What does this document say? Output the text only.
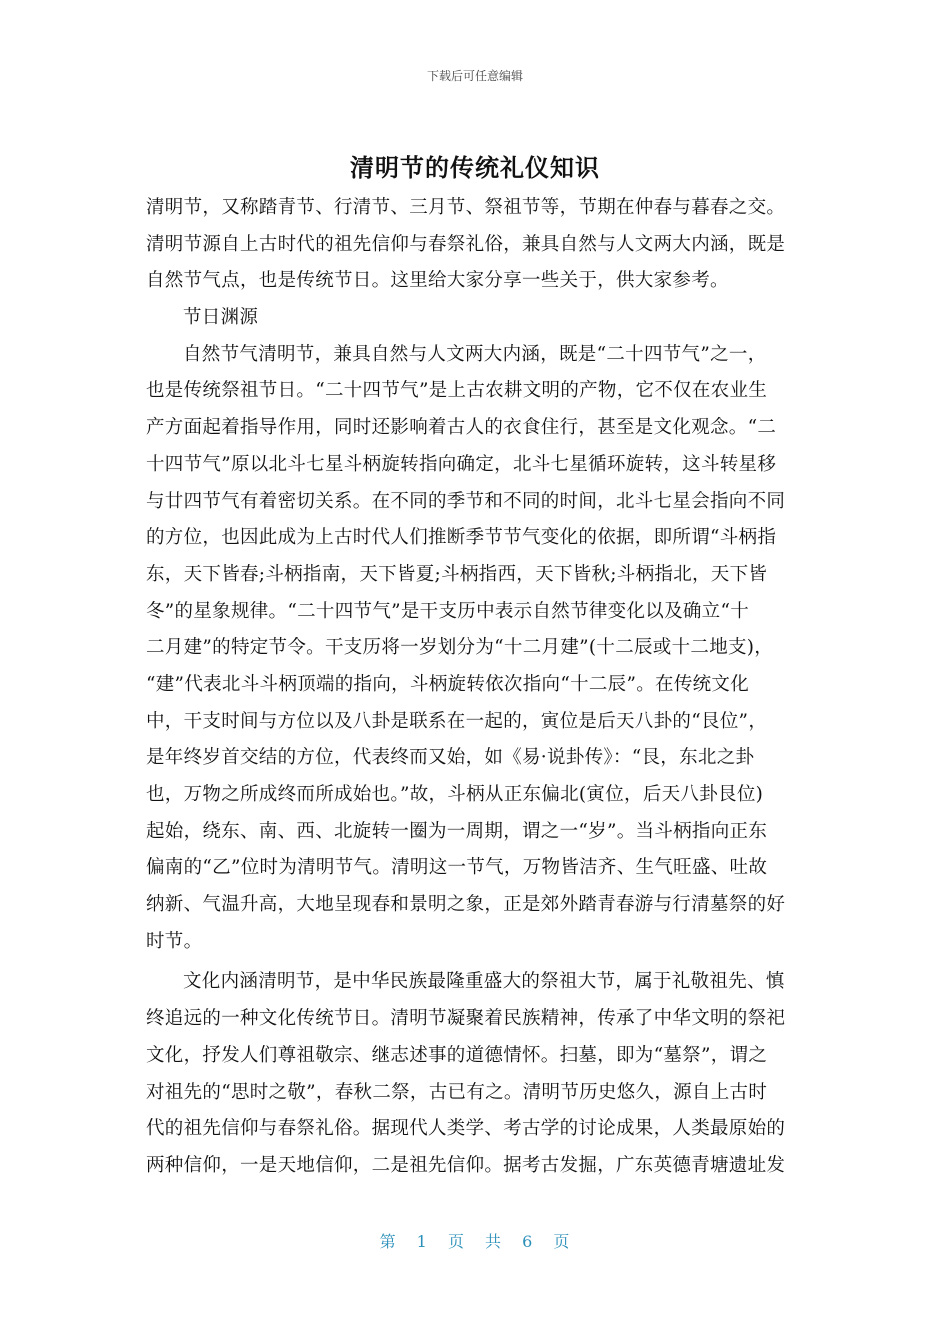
下载后可任意编辑
清明节的传统礼仪知识
清明节，又称踏青节、行清节、三月节、祭祖节等，节期在仲春与暮春之交。
清明节源自上古时代的祖先信仰与春祭礼俗，兼具自然与人文两大内涵，既是
自然节气点，也是传统节日。这里给大家分享一些关于，供大家参考。
节日渊源
自然节气清明节，兼具自然与人文两大内涵，既是“二十四节气”之一，
也是传统祭祖节日。“二十四节气”是上古农耕文明的产物，它不仅在农业生
产方面起着指导作用，同时还影响着古人的衣食住行，甚至是文化观念。“二
十四节气”原以北斗七星斗柄旋转指向确定，北斗七星循环旋转，这斗转星移
与廿四节气有着密切关系。在不同的季节和不同的时间，北斗七星会指向不同
的方位，也因此成为上古时代人们推断季节节气变化的依据，即所谓“斗柄指
东，天下皆春;斗柄指南，天下皆夏;斗柄指西，天下皆秋;斗柄指北，天下皆
冬”的星象规律。“二十四节气”是干支历中表示自然节律变化以及确立“十
二月建”的特定节令。干支历将一岁划分为“十二月建”(十二辰或十二地支)，
“建”代表北斗斗柄顶端的指向，斗柄旋转依次指向“十二辰”。在传统文化
中，干支时间与方位以及八卦是联系在一起的，寅位是后天八卦的“艮位”，
是年终岁首交结的方位，代表终而又始，如《易·说卦传》：“艮，东北之卦
也，万物之所成终而所成始也。”故，斗柄从正东偏北(寅位，后天八卦艮位)
起始，绕东、南、西、北旋转一圈为一周期，谓之一“岁”。当斗柄指向正东
偏南的“乙”位时为清明节气。清明这一节气，万物皆洁齐、生气旺盛、吐故
纳新、气温升高，大地呈现春和景明之象，正是郊外踏青春游与行清墓祭的好
时节。
文化内涵清明节，是中华民族最隆重盛大的祭祖大节，属于礼敬祖先、慎
终追远的一种文化传统节日。清明节凝聚着民族精神，传承了中华文明的祭祀
文化，抒发人们尊祖敬宗、继志述事的道德情怀。扫墓，即为“墓祭”，谓之
对祖先的“思时之敬”，春秋二祭，古已有之。清明节历史悠久，源自上古时
代的祖先信仰与春祭礼俗。据现代人类学、考古学的讨论成果，人类最原始的
两种信仰，一是天地信仰，二是祖先信仰。据考古发掘，广东英德青塘遗址发
第 1 页 共 6 页
